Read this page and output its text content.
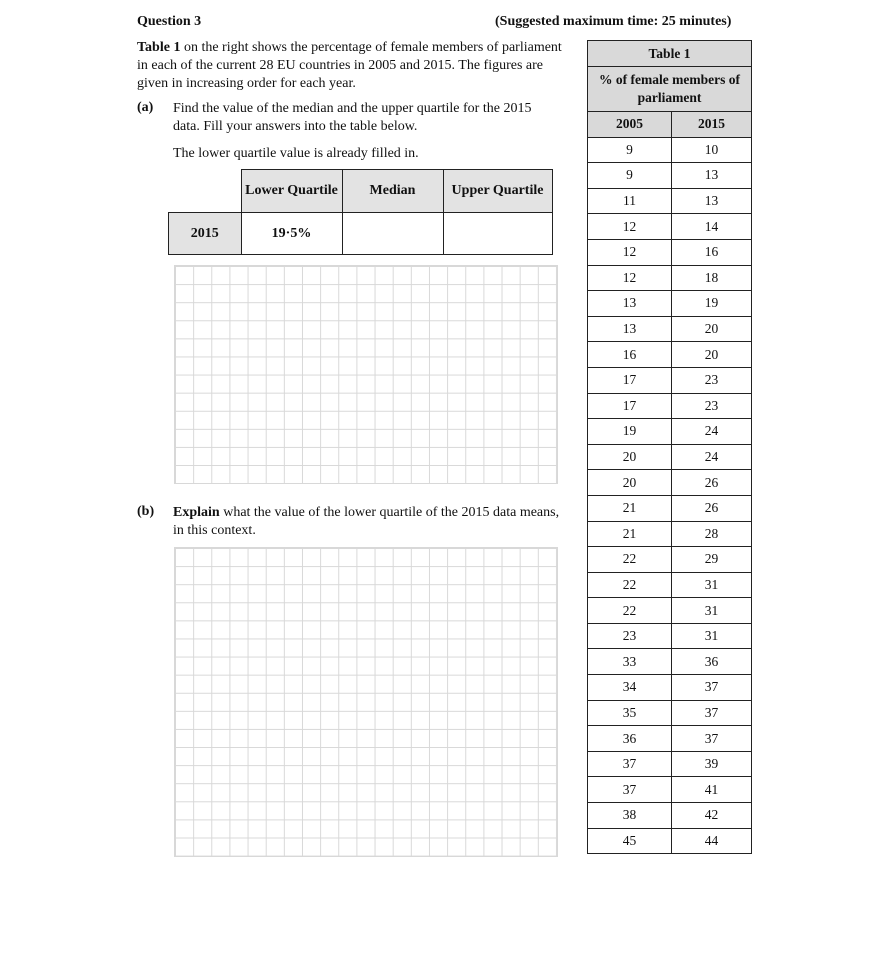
Question 3	(Suggested maximum time: 25 minutes)
Table 1 on the right shows the percentage of female members of parliament in each of the current 28 EU countries in 2005 and 2015. The figures are given in increasing order for each year.
(a) Find the value of the median and the upper quartile for the 2015 data. Fill your answers into the table below.
The lower quartile value is already filled in.
	Lower Quartile	Median	Upper Quartile
2015	19·5%		
(b) Explain what the value of the lower quartile of the 2015 data means, in this context.
Table 1	
% of female members of parliament	
2005	2015
9	10
9	13
11	13
12	14
12	16
12	18
13	19
13	20
16	20
17	23
17	23
19	24
20	24
20	26
21	26
21	28
22	29
22	31
22	31
23	31
33	36
34	37
35	37
36	37
37	39
37	41
38	42
45	44
